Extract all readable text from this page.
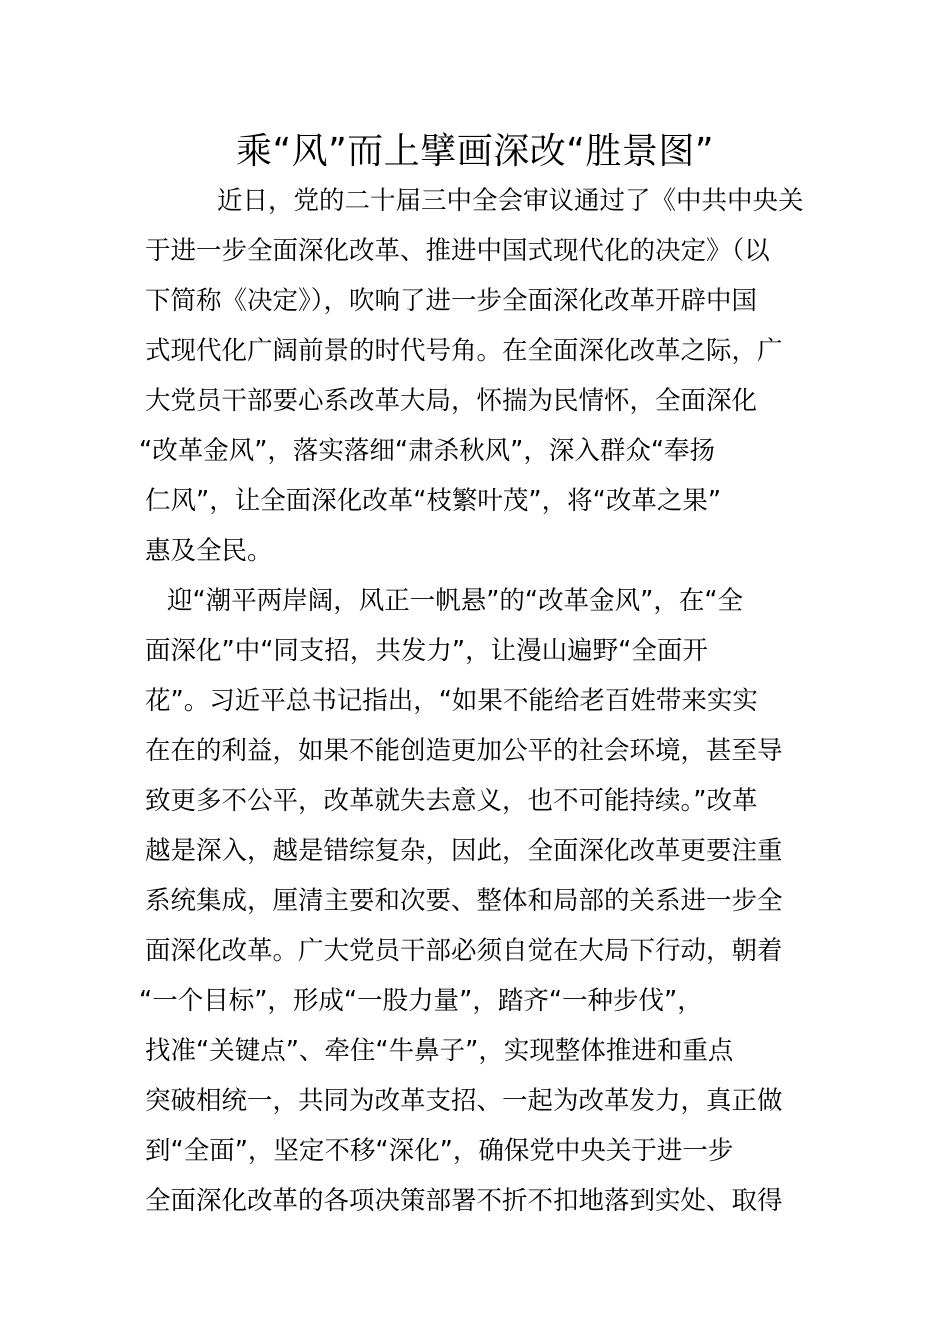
乘“风”而上擘画深改“胜景图”
近日，党的二十届三中全会审议通过了《中共中央关
于进一步全面深化改革、推进中国式现代化的决定》（以
下简称《决定》），吹响了进一步全面深化改革开辟中国
式现代化广阔前景的时代号角。在全面深化改革之际，广
大党员干部要心系改革大局，怀揣为民情怀，全面深化
“改革金风”，落实落细“肃杀秋风”，深入群众“奉扬
仁风”，让全面深化改革“枝繁叶茂”，将“改革之果”
惠及全民。
迎“潮平两岸阔，风正一帆悬”的“改革金风”，在“全
面深化”中“同支招，共发力”，让漫山遍野“全面开
花”。习近平总书记指出，“如果不能给老百姓带来实实
在在的利益，如果不能创造更加公平的社会环境，甚至导
致更多不公平，改革就失去意义，也不可能持续。”改革
越是深入，越是错综复杂，因此，全面深化改革更要注重
系统集成，厘清主要和次要、整体和局部的关系进一步全
面深化改革。广大党员干部必须自觉在大局下行动，朝着
“一个目标”，形成“一股力量”，踏齐“一种步伐”，
找准“关键点”、牵住“牛鼻子”，实现整体推进和重点
突破相统一，共同为改革支招、一起为改革发力，真正做
到“全面”，坚定不移“深化”，确保党中央关于进一步
全面深化改革的各项决策部署不折不扣地落到实处、取得
